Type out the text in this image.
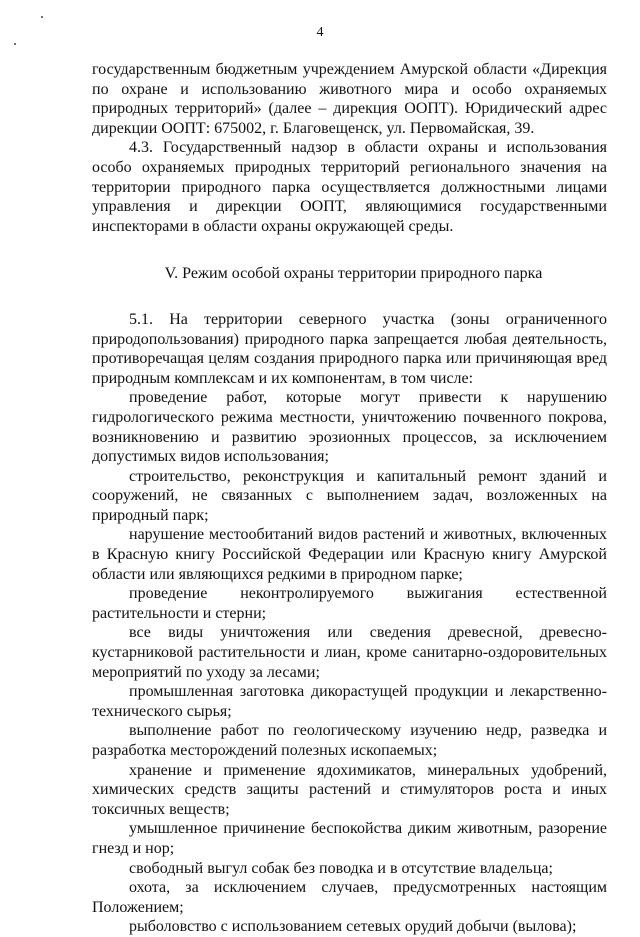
4

государственным бюджетным учреждением Амурской области «Дирекция по охране и использованию животного мира и особо охраняемых природных территорий» (далее – дирекция ООПТ). Юридический адрес дирекции ООПТ: 675002, г. Благовещенск, ул. Первомайская, 39.

4.3. Государственный надзор в области охраны и использования особо охраняемых природных территорий регионального значения на территории природного парка осуществляется должностными лицами управления и дирекции ООПТ, являющимися государственными инспекторами в области охраны окружающей среды.

V. Режим особой охраны территории природного парка

5.1. На территории северного участка (зоны ограниченного природопользования) природного парка запрещается любая деятельность, противоречащая целям создания природного парка или причиняющая вред природным комплексам и их компонентам, в том числе:

проведение работ, которые могут привести к нарушению гидрологического режима местности, уничтожению почвенного покрова, возникновению и развитию эрозионных процессов, за исключением допустимых видов использования;

строительство, реконструкция и капитальный ремонт зданий и сооружений, не связанных с выполнением задач, возложенных на природный парк;

нарушение местообитаний видов растений и животных, включенных в Красную книгу Российской Федерации или Красную книгу Амурской области или являющихся редкими в природном парке;

проведение неконтролируемого выжигания естественной растительности и стерни;

все виды уничтожения или сведения древесной, древесно-кустарниковой растительности и лиан, кроме санитарно-оздоровительных мероприятий по уходу за лесами;

промышленная заготовка дикорастущей продукции и лекарственно-технического сырья;

выполнение работ по геологическому изучению недр, разведка и разработка месторождений полезных ископаемых;

хранение и применение ядохимикатов, минеральных удобрений, химических средств защиты растений и стимуляторов роста и иных токсичных веществ;

умышленное причинение беспокойства диким животным, разорение гнезд и нор;

свободный выгул собак без поводка и в отсутствие владельца;

охота, за исключением случаев, предусмотренных настоящим Положением;

рыболовство с использованием сетевых орудий добычи (вылова);
